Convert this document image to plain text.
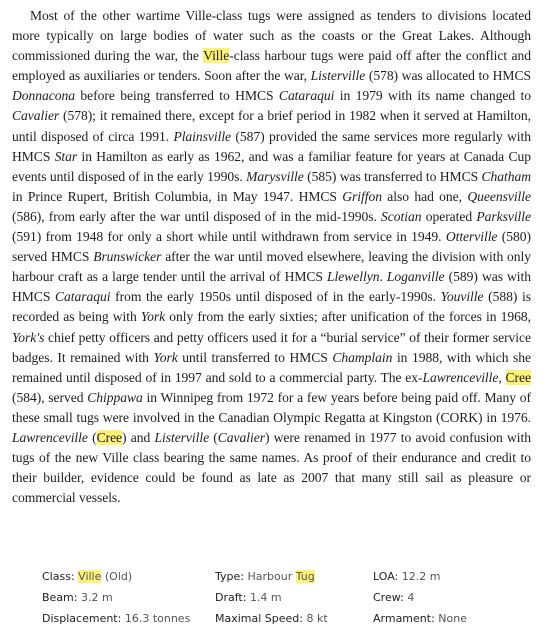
Most of the other wartime Ville-class tugs were assigned as tenders to divisions located more typically on large bodies of water such as the coasts or the Great Lakes. Although commissioned during the war, the Ville-class harbour tugs were paid off after the conflict and employed as auxiliaries or tenders. Soon after the war, Listerville (578) was allocated to HMCS Donnacona before being transferred to HMCS Cataraqui in 1979 with its name changed to Cavalier (578); it remained there, except for a brief period in 1982 when it served at Hamilton, until disposed of circa 1991. Plainsville (587) provided the same services more regularly with HMCS Star in Hamilton as early as 1962, and was a familiar feature for years at Canada Cup events until disposed of in the early 1990s. Marysville (585) was transferred to HMCS Chatham in Prince Rupert, British Columbia, in May 1947. HMCS Griffon also had one, Queensville (586), from early after the war until disposed of in the mid-1990s. Scotian operated Parksville (591) from 1948 for only a short while until withdrawn from service in 1949. Otterville (580) served HMCS Brunswicker after the war until moved elsewhere, leaving the division with only harbour craft as a large tender until the arrival of HMCS Llewellyn. Loganville (589) was with HMCS Cataraqui from the early 1950s until disposed of in the early-1990s. Youville (588) is recorded as being with York only from the early sixties; after unification of the forces in 1968, York's chief petty officers and petty officers used it for a “burial service” of their former service badges. It remained with York until transferred to HMCS Champlain in 1988, with which she remained until disposed of in 1997 and sold to a commercial party. The ex-Lawrenceville, Cree (584), served Chippawa in Winnipeg from 1972 for a few years before being paid off. Many of these small tugs were involved in the Canadian Olympic Regatta at Kingston (CORK) in 1976. Lawrenceville (Cree) and Listerville (Cavalier) were renamed in 1977 to avoid confusion with tugs of the new Ville class bearing the same names. As proof of their endurance and credit to their builder, evidence could be found as late as 2007 that many still sail as pleasure or commercial vessels.

Class: Ville (Old)	Type: Harbour Tug	LOA: 12.2 m
Beam: 3.2 m	Draft: 1.4 m	Crew: 4
Displacement: 16.3 tonnes	Maximal Speed: 8 kt	Armament: None
